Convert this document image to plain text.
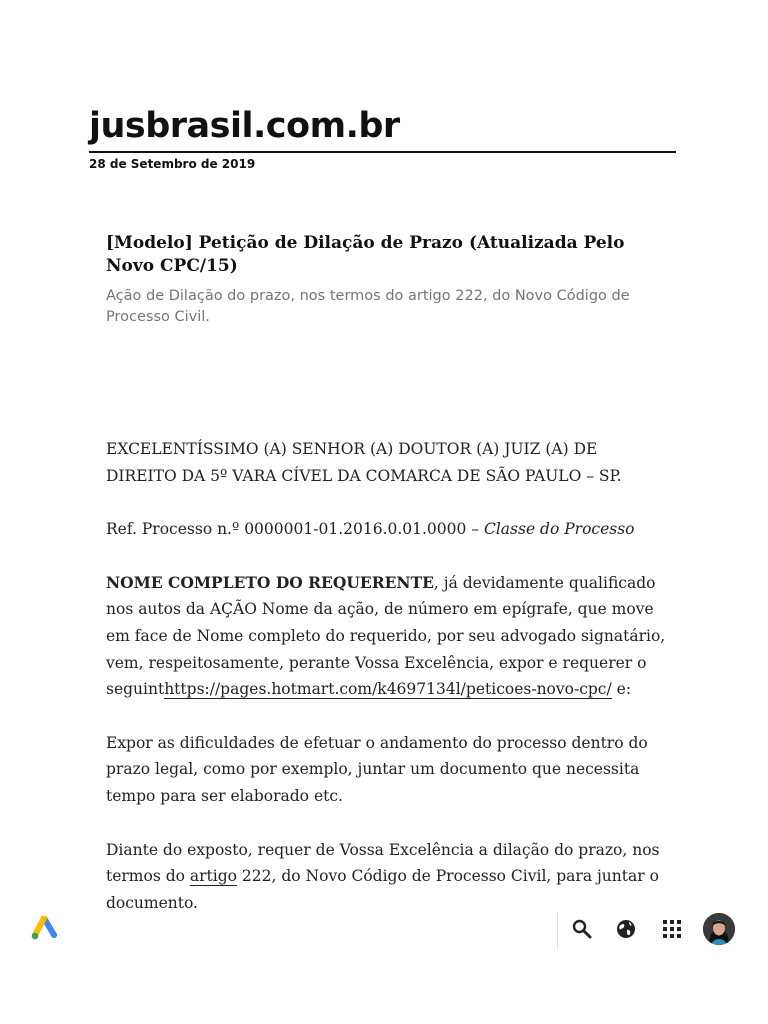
jusbrasil.com.br
28 de Setembro de 2019
[Modelo] Petição de Dilação de Prazo (Atualizada Pelo Novo CPC/15)

Ação de Dilação do prazo, nos termos do artigo 222, do Novo Código de Processo Civil.

EXCELENTÍSSIMO (A) SENHOR (A) DOUTOR (A) JUIZ (A) DE DIREITO DA 5º VARA CÍVEL DA COMARCA DE SÃO PAULO – SP.

Ref. Processo n.º 0000001-01.2016.0.01.0000 – Classe do Processo

NOME COMPLETO DO REQUERENTE, já devidamente qualificado nos autos da AÇÃO Nome da ação, de número em epígrafe, que move em face de Nome completo do requerido, por seu advogado signatário, vem, respeitosamente, perante Vossa Excelência, expor e requerer o seguinthttps://pages.hotmart.com/k4697134l/peticoes-novo-cpc/ e:

Expor as dificuldades de efetuar o andamento do processo dentro do prazo legal, como por exemplo, juntar um documento que necessita tempo para ser elaborado etc.

Diante do exposto, requer de Vossa Excelência a dilação do prazo, nos termos do artigo 222, do Novo Código de Processo Civil, para juntar o documento.
